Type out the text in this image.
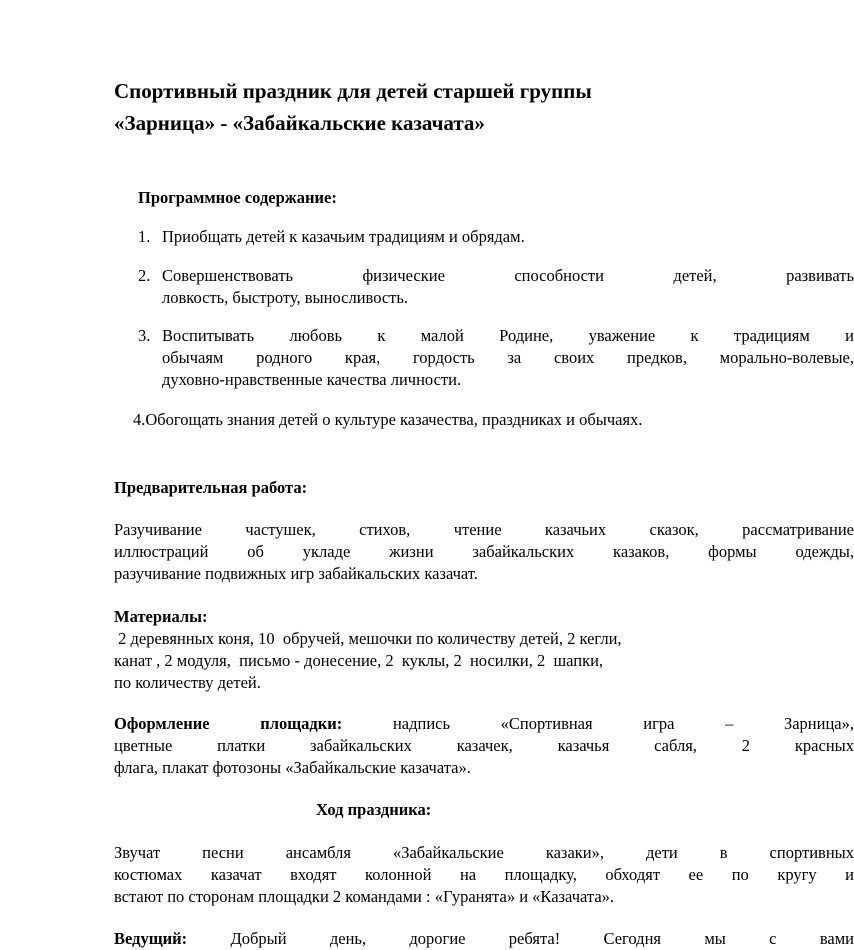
Спортивный праздник для детей старшей группы
«Зарница» - «Забайкальские казачата»
Программное содержание:
1. Приобщать детей к казачьим традициям и обрядам.
2. Совершенствовать физические способности детей, развивать
ловкость, быстроту, выносливость.
3. Воспитывать любовь к малой Родине, уважение к традициям и
обычаям родного края, гордость за своих предков, морально-волевые,
духовно-нравственные качества личности.
4.Обогощать знания детей о культуре казачества, праздниках и обычаях.
Предварительная работа:
Разучивание частушек, стихов, чтение казачьих сказок, рассматривание
иллюстраций об укладе жизни забайкальских казаков, формы одежды,
разучивание подвижных игр забайкальских казачат.
Материалы:
2 деревянных коня, 10  обручей, мешочки по количеству детей, 2 кегли,
канат , 2 модуля,  письмо - донесение, 2  куклы, 2  носилки, 2  шапки,
по количеству детей.
Оформление площадки: надпись «Спортивная игра – Зарница»,
цветные платки забайкальских казачек, казачья сабля, 2 красных
флага, плакат фотозоны «Забайкальские казачата».
Ход праздника:
Звучат песни ансамбля «Забайкальские казаки», дети в спортивных
костюмах казачат входят колонной на площадку, обходят ее по кругу и
встают по сторонам площадки 2 командами : «Гуранята» и «Казачата».
Ведущий: Добрый день, дорогие ребята! Сегодня мы с вами
